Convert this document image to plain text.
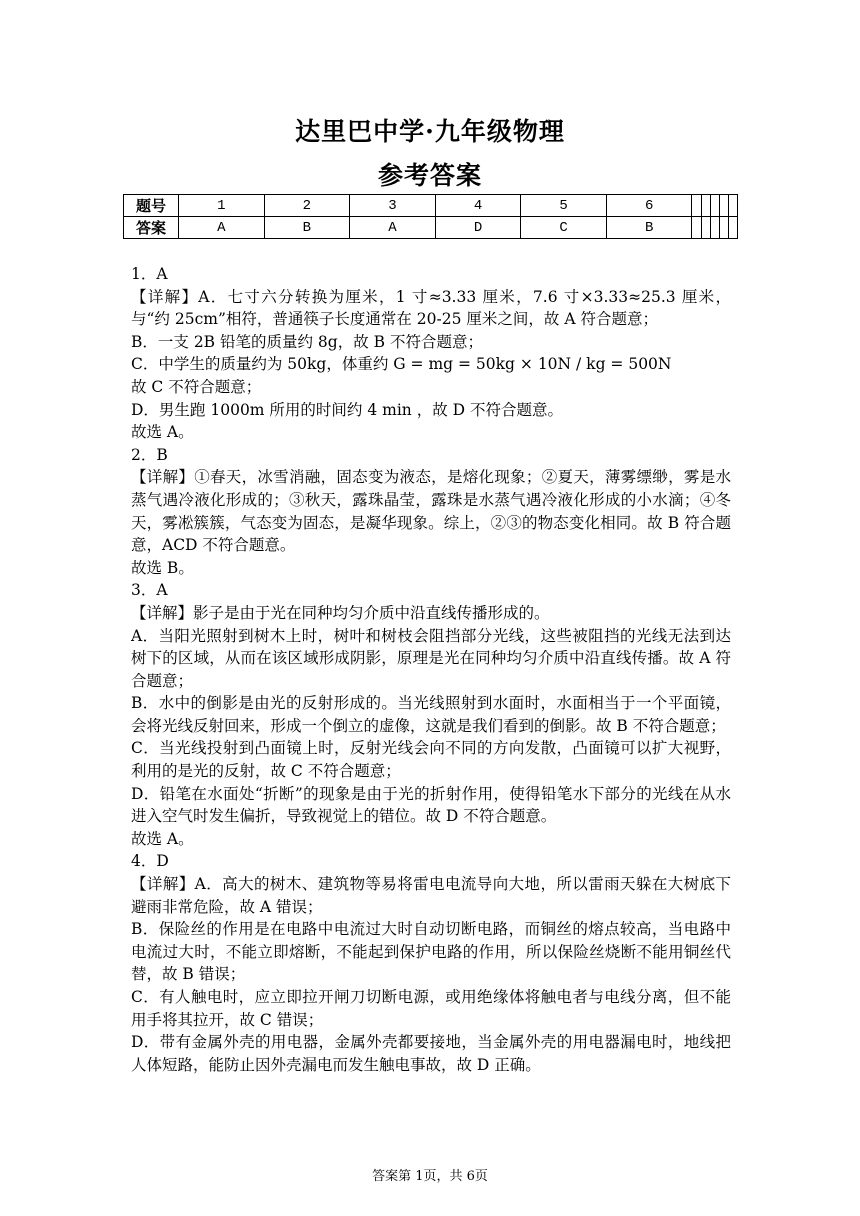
达里巴中学·九年级物理
参考答案
题号	1	2	3	4	5	6					
答案	A	B	A	D	C	B					

1．A

【详解】A．七寸六分转换为厘米，1 寸≈3.33 厘米，7.6 寸×3.33≈25.3 厘米，与“约 25cm”相符，普通筷子长度通常在 20-25 厘米之间，故 A 符合题意；

B．一支 2B 铅笔的质量约 8g，故 B 不符合题意；

C．中学生的质量约为 50kg，体重约 G = mg = 50kg × 10N / kg = 500N

故 C 不符合题意；

D．男生跑 1000m 所用的时间约 4 min ，故 D 不符合题意。

故选 A。

2．B

【详解】①春天，冰雪消融，固态变为液态，是熔化现象；②夏天，薄雾缥缈，雾是水蒸气遇冷液化形成的；③秋天，露珠晶莹，露珠是水蒸气遇冷液化形成的小水滴；④冬天，雾凇簇簇，气态变为固态，是凝华现象。综上，②③的物态变化相同。故 B 符合题意，ACD 不符合题意。

故选 B。

3．A

【详解】影子是由于光在同种均匀介质中沿直线传播形成的。

A．当阳光照射到树木上时，树叶和树枝会阻挡部分光线，这些被阻挡的光线无法到达树下的区域，从而在该区域形成阴影，原理是光在同种均匀介质中沿直线传播。故 A 符合题意；

B．水中的倒影是由光的反射形成的。当光线照射到水面时，水面相当于一个平面镜，会将光线反射回来，形成一个倒立的虚像，这就是我们看到的倒影。故 B 不符合题意；

C．当光线投射到凸面镜上时，反射光线会向不同的方向发散，凸面镜可以扩大视野，利用的是光的反射，故 C 不符合题意；

D．铅笔在水面处“折断”的现象是由于光的折射作用，使得铅笔水下部分的光线在从水进入空气时发生偏折，导致视觉上的错位。故 D 不符合题意。

故选 A。

4．D

【详解】A．高大的树木、建筑物等易将雷电电流导向大地，所以雷雨天躲在大树底下避雨非常危险，故 A 错误；

B．保险丝的作用是在电路中电流过大时自动切断电路，而铜丝的熔点较高，当电路中电流过大时，不能立即熔断，不能起到保护电路的作用，所以保险丝烧断不能用铜丝代替，故 B 错误；

C．有人触电时，应立即拉开闸刀切断电源，或用绝缘体将触电者与电线分离，但不能用手将其拉开，故 C 错误；

D．带有金属外壳的用电器，金属外壳都要接地，当金属外壳的用电器漏电时，地线把人体短路，能防止因外壳漏电而发生触电事故，故 D 正确。

答案第 1页，共 6页
